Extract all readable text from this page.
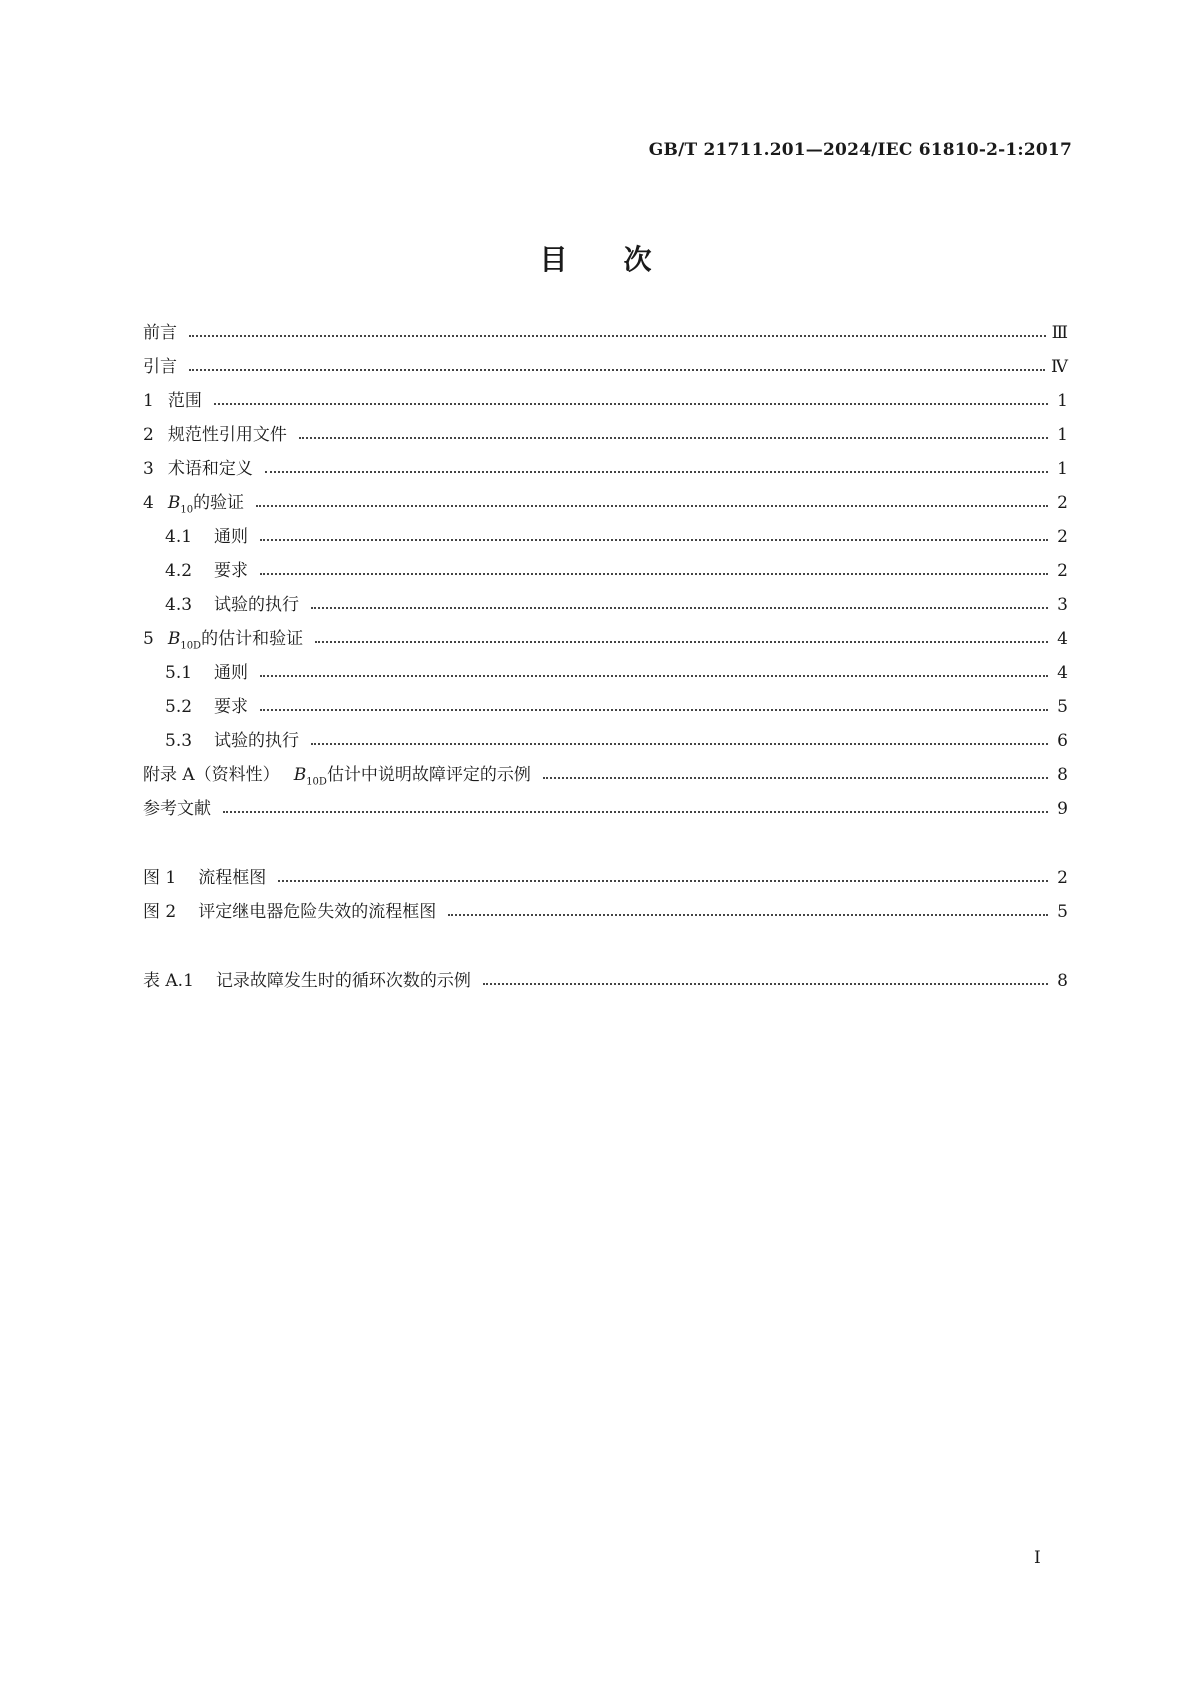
GB/T 21711.201—2024/IEC 61810-2-1:2017
目次
前言	Ⅲ
引言	Ⅳ
1 范围	1
2 规范性引用文件	1
3 术语和定义	1
4 $B_{10}$的验证	2
4.1 通则	2
4.2 要求	2
4.3 试验的执行	3
5 $B_{10D}$的估计和验证	4
5.1 通则	4
5.2 要求	5
5.3 试验的执行	6
附录 A（资料性） $B_{10D}$估计中说明故障评定的示例	8
参考文献	9
图 1 流程框图	2
图 2 评定继电器危险失效的流程框图	5
表 A.1 记录故障发生时的循环次数的示例	8
I
